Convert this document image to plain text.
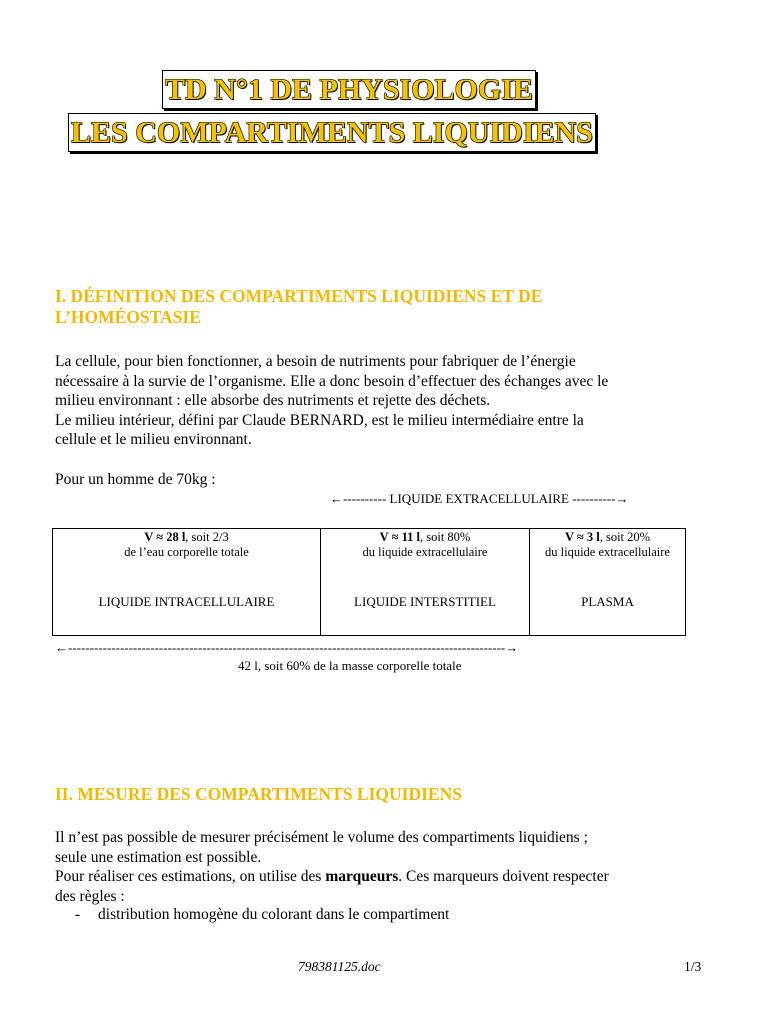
TD N°1 DE PHYSIOLOGIE
LES COMPARTIMENTS LIQUIDIENS
I. DÉFINITION DES COMPARTIMENTS LIQUIDIENS ET DE
L’HOMÉOSTASIE
La cellule, pour bien fonctionner, a besoin de nutriments pour fabriquer de l’énergie
nécessaire à la survie de l’organisme. Elle a donc besoin d’effectuer des échanges avec le
milieu environnant : elle absorbe des nutriments et rejette des déchets.
Le milieu intérieur, défini par Claude BERNARD, est le milieu intermédiaire entre la
cellule et le milieu environnant.
Pour un homme de 70kg :
←---------- LIQUIDE EXTRACELLULAIRE ----------→
V ≈ 28 l, soit 2/3
de l’eau corporelle totale
LIQUIDE INTRACELLULAIRE
V ≈ 11 l, soit 80%
du liquide extracellulaire
LIQUIDE INTERSTITIEL
V ≈ 3 l, soit 20%
du liquide extracellulaire
PLASMA
←-----------------------------------------------------------------------------------------------------→
42 l, soit 60% de la masse corporelle totale
II. MESURE DES COMPARTIMENTS LIQUIDIENS
Il n’est pas possible de mesurer précisément le volume des compartiments liquidiens ;
seule une estimation est possible.
Pour réaliser ces estimations, on utilise des marqueurs. Ces marqueurs doivent respecter
des règles :
- distribution homogène du colorant dans le compartiment
798381125.doc	1/3
